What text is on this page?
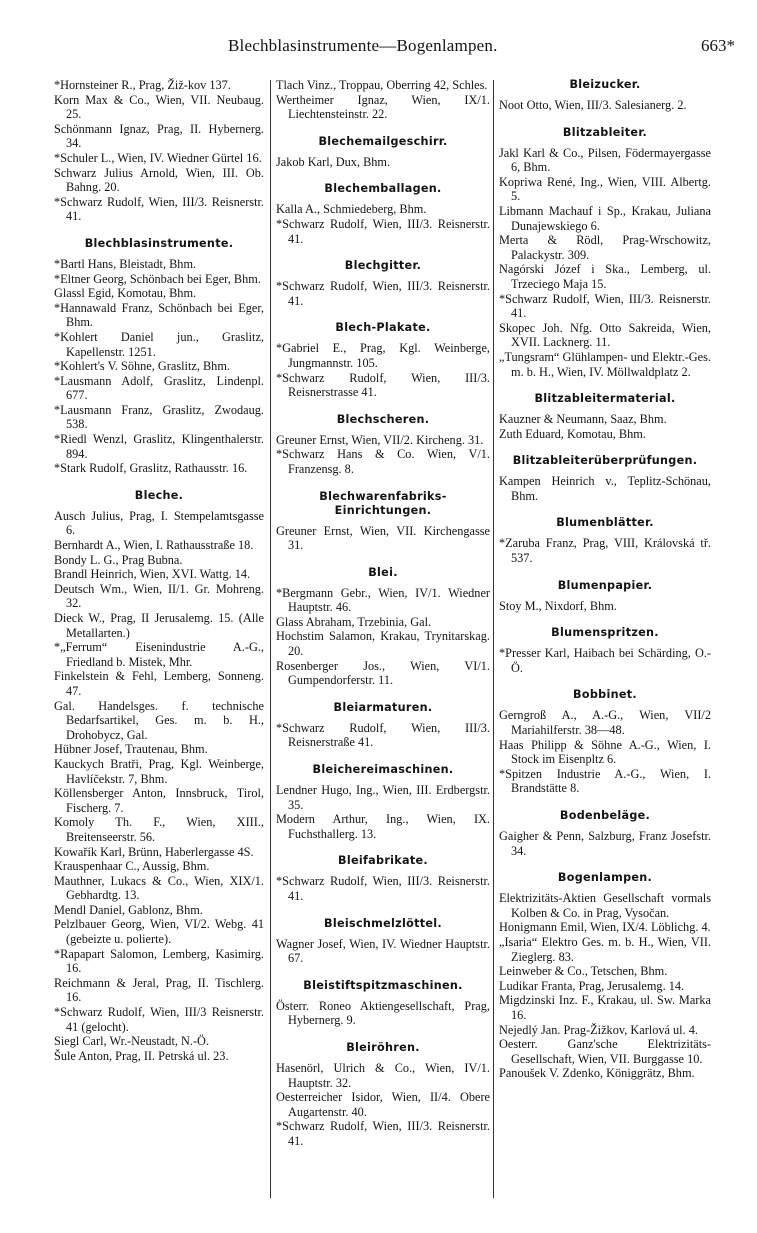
Blechblasinstrumente—Bogenlampen.	663*
*Hornsteiner R., Prag, Žiž-kov 137.
Korn Max & Co., Wien, VII. Neubaug. 25.
Schönmann Ignaz, Prag, II. Hybernerg. 34.
*Schuler L., Wien, IV. Wiedner Gürtel 16.
Schwarz Julius Arnold, Wien, III. Ob. Bahng. 20.
*Schwarz Rudolf, Wien, III/3. Reisnerstr. 41.
Blechblasinstrumente.
*Bartl Hans, Bleistadt, Bhm.
*Eltner Georg, Schönbach bei Eger, Bhm.
Glassl Egid, Komotau, Bhm.
*Hannawald Franz, Schönbach bei Eger, Bhm.
*Kohlert Daniel jun., Graslitz, Kapellenstr. 1251.
*Kohlert's V. Söhne, Graslitz, Bhm.
*Lausmann Adolf, Graslitz, Lindenpl. 677.
*Lausmann Franz, Graslitz, Zwodaug. 538.
*Riedl Wenzl, Graslitz, Klingenthalerstr. 894.
*Stark Rudolf, Graslitz, Rathausstr. 16.
Bleche.
Ausch Julius, Prag, I. Stempelamtsgasse 6.
Bernhardt A., Wien, I. Rathausstraße 18.
Bondy L. G., Prag Bubna.
Brandl Heinrich, Wien, XVI. Wattg. 14.
Deutsch Wm., Wien, II/1. Gr. Mohreng. 32.
Dieck W., Prag, II Jerusalemg. 15. (Alle Metallarten.)
*„Ferrum“ Eisenindustrie A.-G., Friedland b. Mistek, Mhr.
Finkelstein & Fehl, Lemberg, Sonneng. 47.
Gal. Handelsges. f. technische Bedarfsartikel, Ges. m. b. H., Drohobycz, Gal.
Hübner Josef, Trautenau, Bhm.
Kauckych Bratři, Prag, Kgl. Weinberge, Havlíčekstr. 7, Bhm.
Köllensberger Anton, Innsbruck, Tirol, Fischerg. 7.
Komoly Th. F., Wien, XIII., Breitenseerstr. 56.
Kowařík Karl, Brünn, Haberlergasse 4S.
Krauspenhaar C., Aussig, Bhm.
Mauthner, Lukacs & Co., Wien, XIX/1. Gebhardtg. 13.
Mendl Daniel, Gablonz, Bhm.
Pelzlbauer Georg, Wien, VI/2. Webg. 41 (gebeizte u. polierte).
*Rapapart Salomon, Lemberg, Kasimirg. 16.
Reichmann & Jeral, Prag, II. Tischlerg. 16.
*Schwarz Rudolf, Wien, III/3 Reisnerstr. 41 (gelocht).
Siegl Carl, Wr.-Neustadt, N.-Ö.
Šule Anton, Prag, II. Petrská ul. 23.
Tlach Vinz., Troppau, Oberring 42, Schles.
Wertheimer Ignaz, Wien, IX/1. Liechtensteinstr. 22.
Blechemailgeschirr.
Jakob Karl, Dux, Bhm.
Blechemballagen.
Kalla A., Schmiedeberg, Bhm.
*Schwarz Rudolf, Wien, III/3. Reisnerstr. 41.
Blechgitter.
*Schwarz Rudolf, Wien, III/3. Reisnerstr. 41.
Blech-Plakate.
*Gabriel E., Prag, Kgl. Weinberge, Jungmannstr. 105.
*Schwarz Rudolf, Wien, III/3. Reisnerstrasse 41.
Blechscheren.
Greuner Ernst, Wien, VII/2. Kircheng. 31.
*Schwarz Hans & Co. Wien, V/1. Franzensg. 8.
Blechwarenfabriks-Einrichtungen.
Greuner Ernst, Wien, VII. Kirchengasse 31.
Blei.
*Bergmann Gebr., Wien, IV/1. Wiedner Hauptstr. 46.
Glass Abraham, Trzebinia, Gal.
Hochstim Salamon, Krakau, Trynitarskag. 20.
Rosenberger Jos., Wien, VI/1. Gumpendorferstr. 11.
Bleiarmaturen.
*Schwarz Rudolf, Wien, III/3. Reisnerstraße 41.
Bleichereimaschinen.
Lendner Hugo, Ing., Wien, III. Erdbergstr. 35.
Modern Arthur, Ing., Wien, IX. Fuchsthallerg. 13.
Bleifabrikate.
*Schwarz Rudolf, Wien, III/3. Reisnerstr. 41.
Bleischmelzlöttel.
Wagner Josef, Wien, IV. Wiedner Hauptstr. 67.
Bleistiftspitzmaschinen.
Österr. Roneo Aktiengesellschaft, Prag, Hybernerg. 9.
Bleiröhren.
Hasenörl, Ulrich & Co., Wien, IV/1. Hauptstr. 32.
Oesterreicher Isidor, Wien, II/4. Obere Augartenstr. 40.
*Schwarz Rudolf, Wien, III/3. Reisnerstr. 41.
Bleizucker.
Noot Otto, Wien, III/3. Salesianerg. 2.
Blitzableiter.
Jakl Karl & Co., Pilsen, Födermayergasse 6, Bhm.
Kopriwa René, Ing., Wien, VIII. Albertg. 5.
Libmann Machauf i Sp., Krakau, Juliana Dunajewskiego 6.
Merta & Rödl, Prag-Wrschowitz, Palackystr. 309.
Nagórski Józef i Ska., Lemberg, ul. Trzeciego Maja 15.
*Schwarz Rudolf, Wien, III/3. Reisnerstr. 41.
Skopec Joh. Nfg. Otto Sakreida, Wien, XVII. Lacknerg. 11.
„Tungsram“ Glühlampen- und Elektr.-Ges. m. b. H., Wien, IV. Möllwaldplatz 2.
Blitzableitermaterial.
Kauzner & Neumann, Saaz, Bhm.
Zuth Eduard, Komotau, Bhm.
Blitzableiterüberprüfungen.
Kampen Heinrich v., Teplitz-Schönau, Bhm.
Blumenblätter.
*Zaruba Franz, Prag, VIII, Královská tř. 537.
Blumenpapier.
Stoy M., Nixdorf, Bhm.
Blumenspritzen.
*Presser Karl, Haibach bei Schärding, O.-Ö.
Bobbinet.
Gerngroß A., A.-G., Wien, VII/2 Mariahilferstr. 38—48.
Haas Philipp & Söhne A.-G., Wien, I. Stock im Eisenpltz 6.
*Spitzen Industrie A.-G., Wien, I. Brandstätte 8.
Bodenbeläge.
Gaigher & Penn, Salzburg, Franz Josefstr. 34.
Bogenlampen.
Elektrizitäts-Aktien Gesellschaft vormals Kolben & Co. in Prag, Vysočan.
Honigmann Emil, Wien, IX/4. Löblichg. 4.
„Isaria“ Elektro Ges. m. b. H., Wien, VII. Zieglerg. 83.
Leinweber & Co., Tetschen, Bhm.
Ludikar Franta, Prag, Jerusalemg. 14.
Migdzinski Inz. F., Krakau, ul. Sw. Marka 16.
Nejedlý Jan. Prag-Žižkov, Karlová ul. 4.
Oesterr. Ganz'sche Elektrizitäts-Gesellschaft, Wien, VII. Burggasse 10.
Panoušek V. Zdenko, Königgrätz, Bhm.
